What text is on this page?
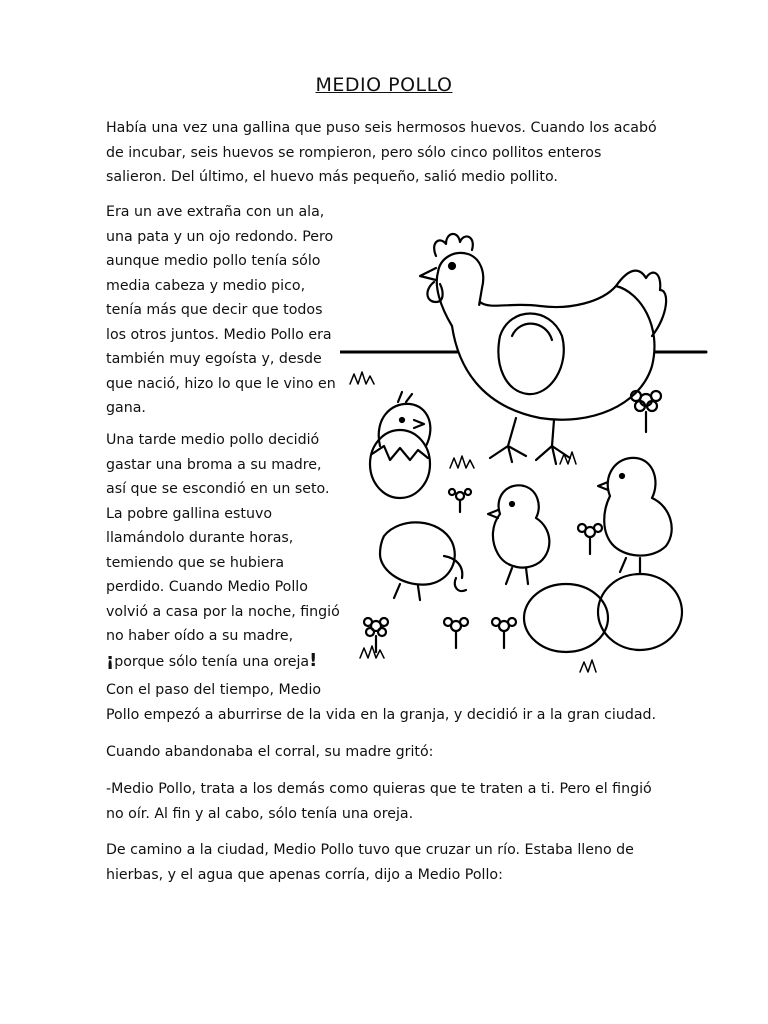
MEDIO POLLO

Había una vez una gallina que puso seis hermosos huevos. Cuando los acabó de incubar, seis huevos se rompieron, pero sólo cinco pollitos enteros salieron. Del último, el huevo más pequeño, salió medio pollito.

Era un ave extraña con un ala, una pata y un ojo redondo. Pero aunque medio pollo tenía sólo media cabeza y medio pico, tenía más que decir que todos los otros juntos. Medio Pollo era también muy egoísta y, desde que nació, hizo lo que le vino en gana.

Una tarde medio pollo decidió gastar una broma a su madre, así que se escondió en un seto. La pobre gallina estuvo llamándolo durante horas, temiendo que se hubiera perdido. Cuando Medio Pollo volvió a casa por la noche, fingió no haber oído a su madre,
¡porque sólo tenía una oreja!

Con el paso del tiempo, Medio

Pollo empezó a aburrirse de la vida en la granja, y decidió ir a la gran ciudad.

Cuando abandonaba el corral, su madre gritó:

-Medio Pollo, trata a los demás como quieras que te traten a ti. Pero el fingió no oír. Al fin y al cabo, sólo tenía una oreja.

De camino a la ciudad, Medio Pollo tuvo que cruzar un río. Estaba lleno de hierbas, y el agua que apenas corría, dijo a Medio Pollo:
